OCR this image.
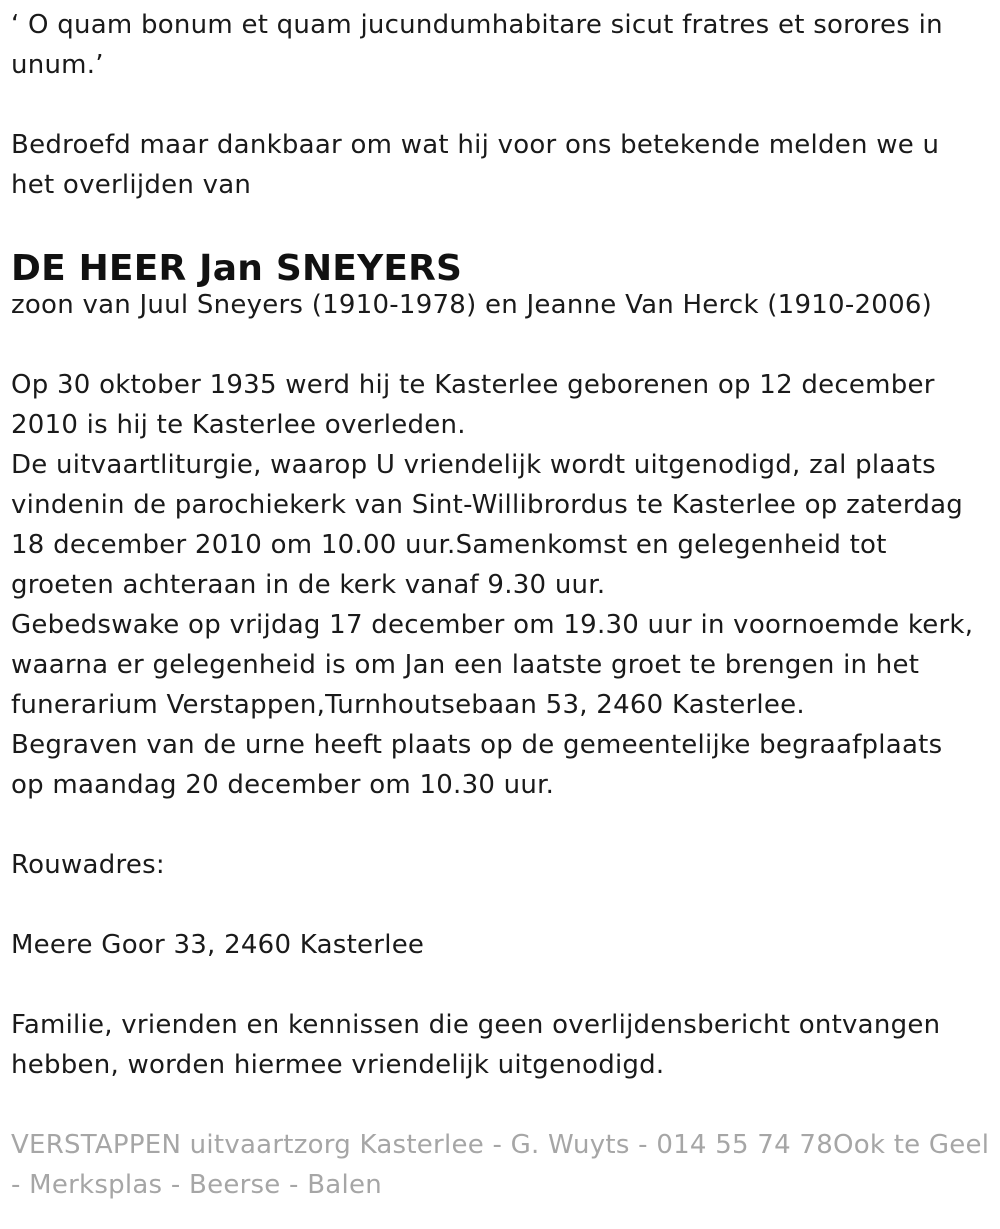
‘ O quam bonum et quam jucundumhabitare sicut fratres et sorores in
unum.’

Bedroefd maar dankbaar om wat hij voor ons betekende melden we u
het overlijden van

DE HEER Jan SNEYERS

zoon van Juul Sneyers (1910-1978) en Jeanne Van Herck (1910-2006)

Op 30 oktober 1935 werd hij te Kasterlee geborenen op 12 december
2010 is hij te Kasterlee overleden.
De uitvaartliturgie, waarop U vriendelijk wordt uitgenodigd, zal plaats
vindenin de parochiekerk van Sint-Willibrordus te Kasterlee op zaterdag
18 december 2010 om 10.00 uur.Samenkomst en gelegenheid tot
groeten achteraan in de kerk vanaf 9.30 uur.
Gebedswake op vrijdag 17 december om 19.30 uur in voornoemde kerk,
waarna er gelegenheid is om Jan een laatste groet te brengen in het
funerarium Verstappen,Turnhoutsebaan 53, 2460 Kasterlee.
Begraven van de urne heeft plaats op de gemeentelijke begraafplaats
op maandag 20 december om 10.30 uur.

Rouwadres:

Meere Goor 33, 2460 Kasterlee

Familie, vrienden en kennissen die geen overlijdensbericht ontvangen
hebben, worden hiermee vriendelijk uitgenodigd.

VERSTAPPEN uitvaartzorg Kasterlee - G. Wuyts - 014 55 74 78Ook te Geel
- Merksplas - Beerse - Balen
